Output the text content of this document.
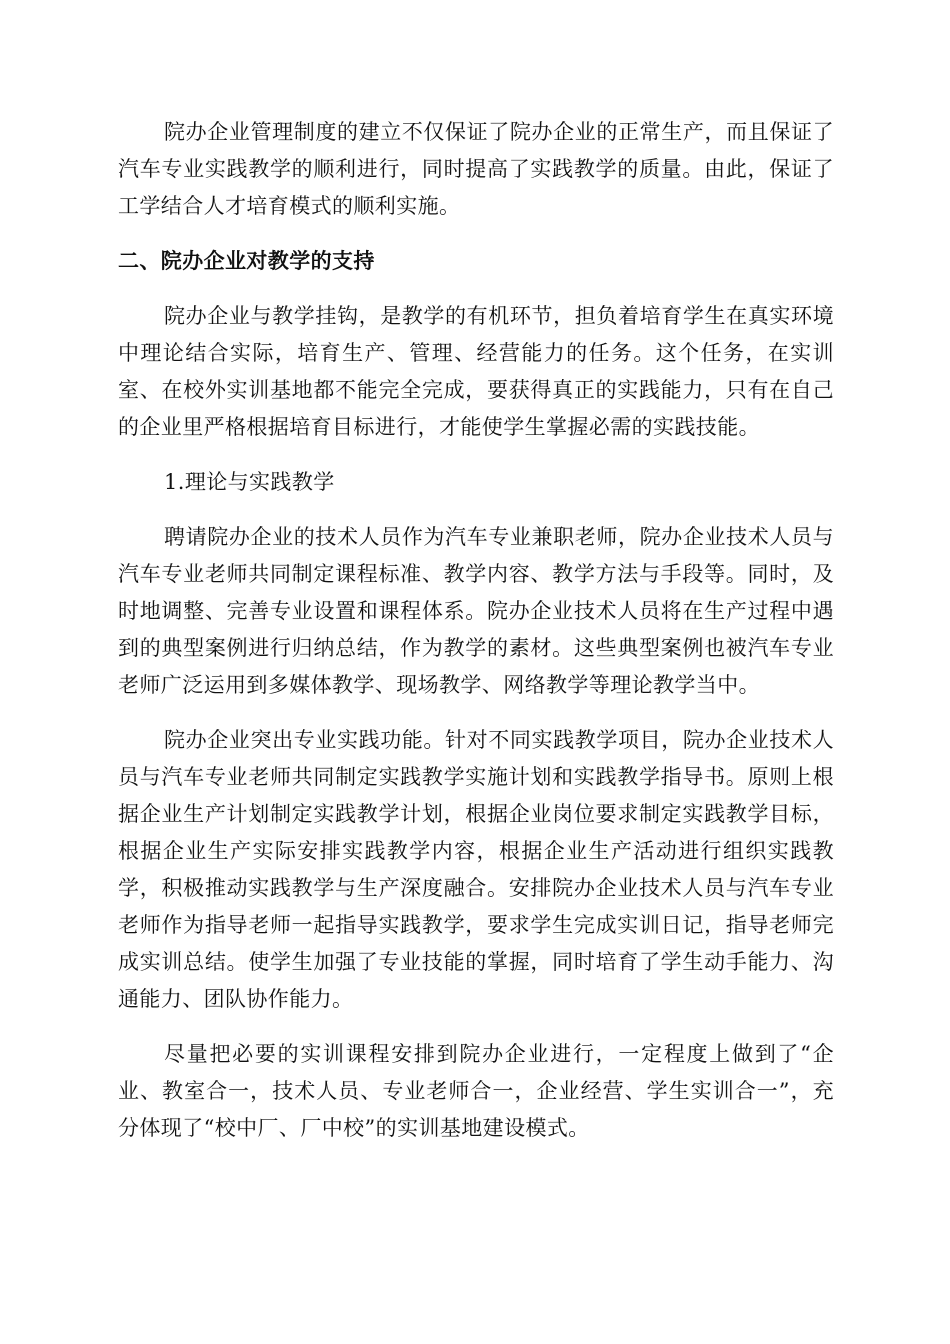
院办企业管理制度的建立不仅保证了院办企业的正常生产，而且保证了汽车专业实践教学的顺利进行，同时提高了实践教学的质量。由此，保证了工学结合人才培育模式的顺利实施。

二、院办企业对教学的支持

院办企业与教学挂钩，是教学的有机环节，担负着培育学生在真实环境中理论结合实际，培育生产、管理、经营能力的任务。这个任务，在实训室、在校外实训基地都不能完全完成，要获得真正的实践能力，只有在自己的企业里严格根据培育目标进行，才能使学生掌握必需的实践技能。

1.理论与实践教学

聘请院办企业的技术人员作为汽车专业兼职老师，院办企业技术人员与汽车专业老师共同制定课程标准、教学内容、教学方法与手段等。同时，及时地调整、完善专业设置和课程体系。院办企业技术人员将在生产过程中遇到的典型案例进行归纳总结，作为教学的素材。这些典型案例也被汽车专业老师广泛运用到多媒体教学、现场教学、网络教学等理论教学当中。

院办企业突出专业实践功能。针对不同实践教学项目，院办企业技术人员与汽车专业老师共同制定实践教学实施计划和实践教学指导书。原则上根据企业生产计划制定实践教学计划，根据企业岗位要求制定实践教学目标，根据企业生产实际安排实践教学内容，根据企业生产活动进行组织实践教学，积极推动实践教学与生产深度融合。安排院办企业技术人员与汽车专业老师作为指导老师一起指导实践教学，要求学生完成实训日记，指导老师完成实训总结。使学生加强了专业技能的掌握，同时培育了学生动手能力、沟通能力、团队协作能力。

尽量把必要的实训课程安排到院办企业进行，一定程度上做到了“企业、教室合一，技术人员、专业老师合一，企业经营、学生实训合一”，充分体现了“校中厂、厂中校”的实训基地建设模式。
